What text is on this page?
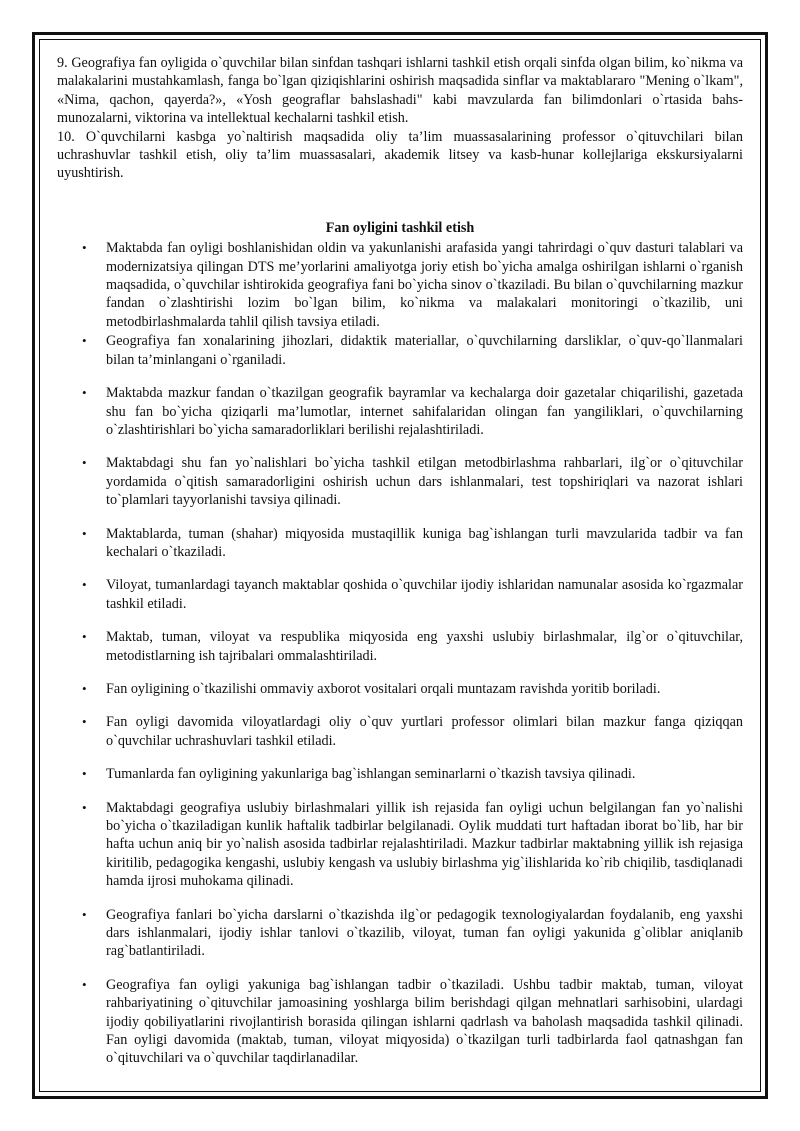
9. Geografiya fan oyligida o`quvchilar bilan sinfdan tashqari ishlarni tashkil etish orqali sinfda olgan bilim, ko`nikma va malakalarini mustahkamlash, fanga bo`lgan qiziqishlarini oshirish maqsadida sinflar va maktablararo "Mening o`lkam", «Nima, qachon, qayerda?», «Yosh geograflar bahslashadi" kabi mavzularda fan bilimdonlari o`rtasida bahs-munozalarni, viktorina va intellektual kechalarni tashkil etish.

10. O`quvchilarni kasbga yo`naltirish maqsadida oliy ta’lim muassasalarining professor o`qituvchilari bilan uchrashuvlar tashkil etish, oliy ta’lim muassasalari, akademik litsey va kasb-hunar kollejlariga ekskursiyalarni uyushtirish.

Fan oyligini tashkil etish
• Maktabda fan oyligi boshlanishidan oldin va yakunlanishi arafasida yangi tahrirdagi o`quv dasturi talablari va modernizatsiya qilingan DTS me’yorlarini amaliyotga joriy etish bo`yicha amalga oshirilgan ishlarni o`rganish maqsadida, o`quvchilar ishtirokida geografiya fani bo`yicha sinov o`tkaziladi. Bu bilan o`quvchilarning mazkur fandan o`zlashtirishi lozim bo`lgan bilim, ko`nikma va malakalari monitoringi o`tkazilib, uni metodbirlashmalarda tahlil qilish tavsiya etiladi.
• Geografiya fan xonalarining jihozlari, didaktik materiallar, o`quvchilarning darsliklar, o`quv-qo`llanmalari bilan ta’minlangani o`rganiladi.
• Maktabda mazkur fandan o`tkazilgan geografik bayramlar va kechalarga doir gazetalar chiqarilishi, gazetada shu fan bo`yicha qiziqarli ma’lumotlar, internet sahifalaridan olingan fan yangiliklari, o`quvchilarning o`zlashtirishlari bo`yicha samaradorliklari berilishi rejalashtiriladi.
• Maktabdagi shu fan yo`nalishlari bo`yicha tashkil etilgan metodbirlashma rahbarlari, ilg`or o`qituvchilar yordamida o`qitish samaradorligini oshirish uchun dars ishlanmalari, test topshiriqlari va nazorat ishlari to`plamlari tayyorlanishi tavsiya qilinadi.
• Maktablarda, tuman (shahar) miqyosida mustaqillik kuniga bag`ishlangan turli mavzularida tadbir va fan kechalari o`tkaziladi.
• Viloyat, tumanlardagi tayanch maktablar qoshida o`quvchilar ijodiy ishlaridan namunalar asosida ko`rgazmalar tashkil etiladi.
• Maktab, tuman, viloyat va respublika miqyosida eng yaxshi uslubiy birlashmalar, ilg`or o`qituvchilar, metodistlarning ish tajribalari ommalashtiriladi.
• Fan oyligining o`tkazilishi ommaviy axborot vositalari orqali muntazam ravishda yoritib boriladi.
• Fan oyligi davomida viloyatlardagi oliy o`quv yurtlari professor olimlari bilan mazkur fanga qiziqqan o`quvchilar uchrashuvlari tashkil etiladi.
• Tumanlarda fan oyligining yakunlariga bag`ishlangan seminarlarni o`tkazish tavsiya qilinadi.
• Maktabdagi geografiya uslubiy birlashmalari yillik ish rejasida fan oyligi uchun belgilangan fan yo`nalishi bo`yicha o`tkaziladigan kunlik haftalik tadbirlar belgilanadi. Oylik muddati turt haftadan iborat bo`lib, har bir hafta uchun aniq bir yo`nalish asosida tadbirlar rejalashtiriladi. Mazkur tadbirlar maktabning yillik ish rejasiga kiritilib, pedagogika kengashi, uslubiy kengash va uslubiy birlashma yig`ilishlarida ko`rib chiqilib, tasdiqlanadi hamda ijrosi muhokama qilinadi.
• Geografiya fanlari bo`yicha darslarni o`tkazishda ilg`or pedagogik texnologiyalardan foydalanib, eng yaxshi dars ishlanmalari, ijodiy ishlar tanlovi o`tkazilib, viloyat, tuman fan oyligi yakunida g`oliblar aniqlanib rag`batlantiriladi.
• Geografiya fan oyligi yakuniga bag`ishlangan tadbir o`tkaziladi. Ushbu tadbir maktab, tuman, viloyat rahbariyatining o`qituvchilar jamoasining yoshlarga bilim berishdagi qilgan mehnatlari sarhisobini, ulardagi ijodiy qobiliyatlarini rivojlantirish borasida qilingan ishlarni qadrlash va baholash maqsadida tashkil qilinadi. Fan oyligi davomida (maktab, tuman, viloyat miqyosida) o`tkazilgan turli tadbirlarda faol qatnashgan fan o`qituvchilari va o`quvchilar taqdirlanadilar.
